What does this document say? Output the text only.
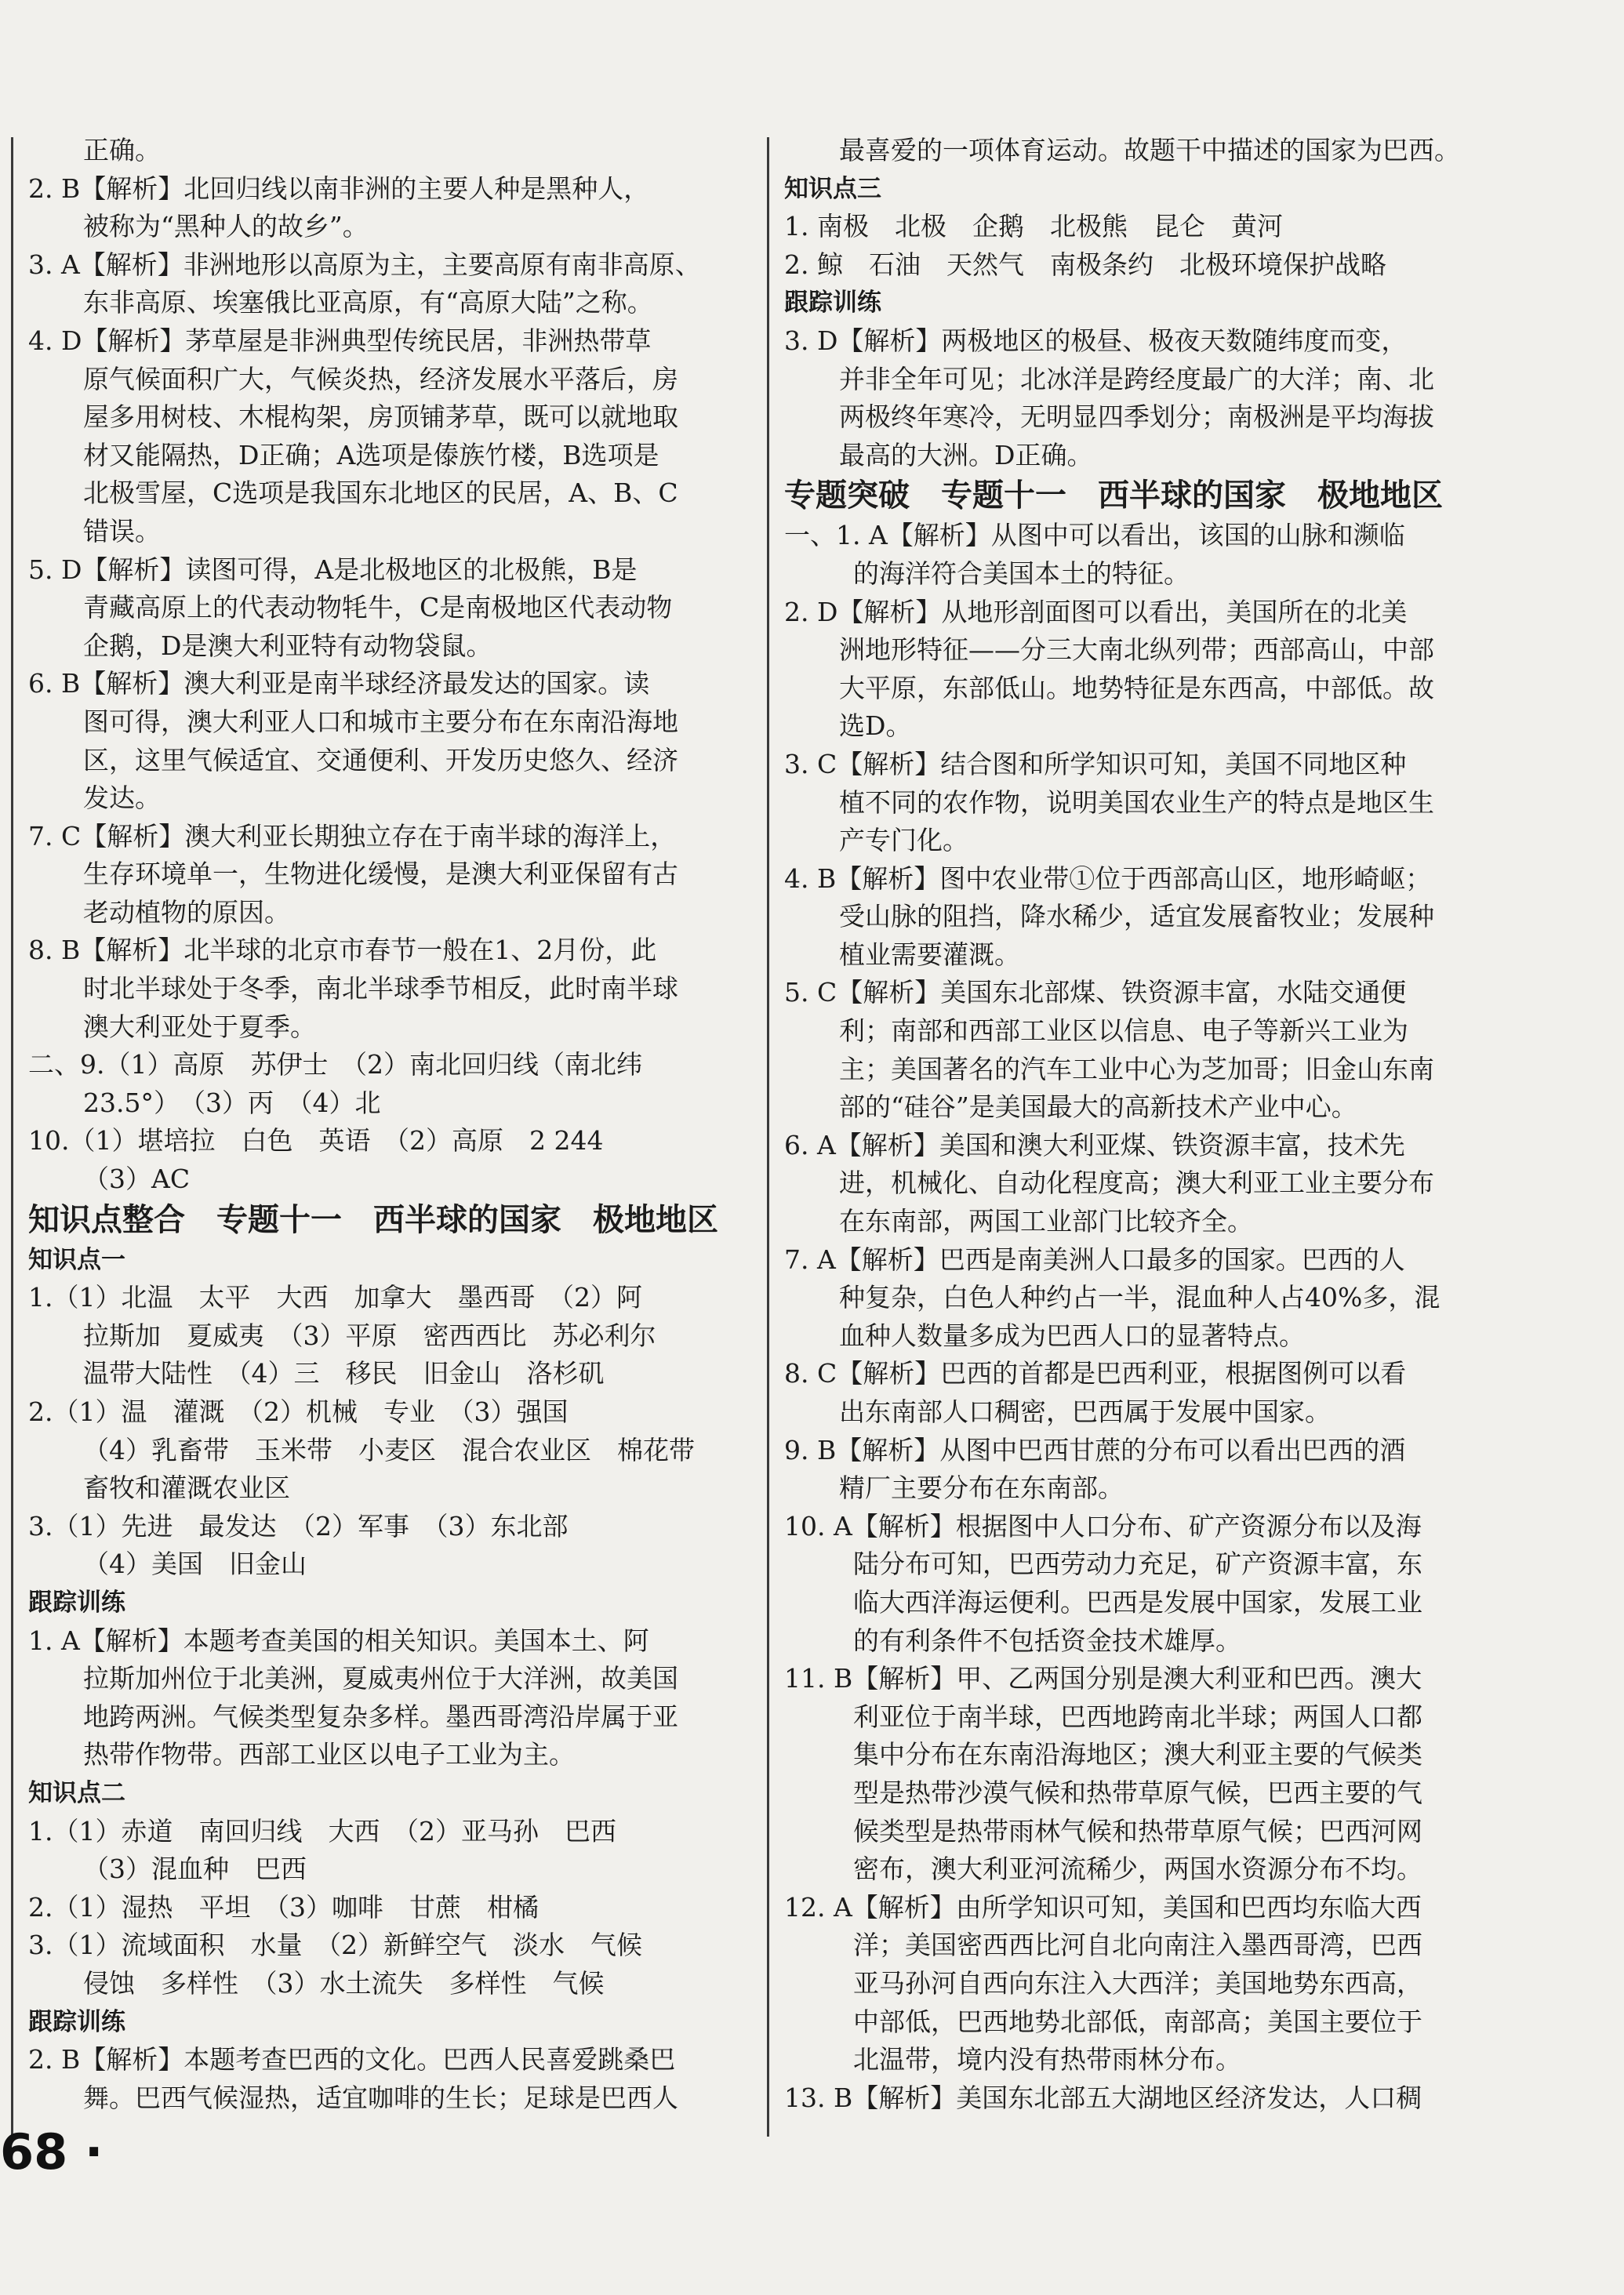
正确。
2. B【解析】北回归线以南非洲的主要人种是黑种人，
被称为“黑种人的故乡”。
3. A【解析】非洲地形以高原为主，主要高原有南非高原、
东非高原、埃塞俄比亚高原，有“高原大陆”之称。
4. D【解析】茅草屋是非洲典型传统民居，非洲热带草
原气候面积广大，气候炎热，经济发展水平落后，房
屋多用树枝、木棍构架，房顶铺茅草，既可以就地取
材又能隔热，D正确；A选项是傣族竹楼，B选项是
北极雪屋，C选项是我国东北地区的民居，A、B、C
错误。
5. D【解析】读图可得，A是北极地区的北极熊，B是
青藏高原上的代表动物牦牛，C是南极地区代表动物
企鹅，D是澳大利亚特有动物袋鼠。
6. B【解析】澳大利亚是南半球经济最发达的国家。读
图可得，澳大利亚人口和城市主要分布在东南沿海地
区，这里气候适宜、交通便利、开发历史悠久、经济
发达。
7. C【解析】澳大利亚长期独立存在于南半球的海洋上，
生存环境单一，生物进化缓慢，是澳大利亚保留有古
老动植物的原因。
8. B【解析】北半球的北京市春节一般在1、2月份，此
时北半球处于冬季，南北半球季节相反，此时南半球
澳大利亚处于夏季。
二、9.（1）高原　苏伊士　（2）南北回归线（南北纬
23.5°）　（3）丙　（4）北
10.（1）堪培拉　白色　英语　（2）高原　2 244
（3）AC
知识点整合　专题十一　西半球的国家　极地地区
知识点一
1.（1）北温　太平　大西　加拿大　墨西哥　（2）阿
拉斯加　夏威夷　（3）平原　密西西比　苏必利尔
温带大陆性　（4）三　移民　旧金山　洛杉矶
2.（1）温　灌溉　（2）机械　专业　（3）强国
（4）乳畜带　玉米带　小麦区　混合农业区　棉花带
畜牧和灌溉农业区
3.（1）先进　最发达　（2）军事　（3）东北部
（4）美国　旧金山
跟踪训练
1. A【解析】本题考查美国的相关知识。美国本土、阿
拉斯加州位于北美洲，夏威夷州位于大洋洲，故美国
地跨两洲。气候类型复杂多样。墨西哥湾沿岸属于亚
热带作物带。西部工业区以电子工业为主。
知识点二
1.（1）赤道　南回归线　大西　（2）亚马孙　巴西
（3）混血种　巴西
2.（1）湿热　平坦　（3）咖啡　甘蔗　柑橘
3.（1）流域面积　水量　（2）新鲜空气　淡水　气候
侵蚀　多样性　（3）水土流失　多样性　气候
跟踪训练
2. B【解析】本题考查巴西的文化。巴西人民喜爱跳桑巴
舞。巴西气候湿热，适宜咖啡的生长；足球是巴西人
最喜爱的一项体育运动。故题干中描述的国家为巴西。
知识点三
1. 南极　北极　企鹅　北极熊　昆仑　黄河
2. 鲸　石油　天然气　南极条约　北极环境保护战略
跟踪训练
3. D【解析】两极地区的极昼、极夜天数随纬度而变，
并非全年可见；北冰洋是跨经度最广的大洋；南、北
两极终年寒冷，无明显四季划分；南极洲是平均海拔
最高的大洲。D正确。
专题突破　专题十一　西半球的国家　极地地区
一、1. A【解析】从图中可以看出，该国的山脉和濒临
的海洋符合美国本土的特征。
2. D【解析】从地形剖面图可以看出，美国所在的北美
洲地形特征——分三大南北纵列带；西部高山，中部
大平原，东部低山。地势特征是东西高，中部低。故
选D。
3. C【解析】结合图和所学知识可知，美国不同地区种
植不同的农作物，说明美国农业生产的特点是地区生
产专门化。
4. B【解析】图中农业带①位于西部高山区，地形崎岖；
受山脉的阻挡，降水稀少，适宜发展畜牧业；发展种
植业需要灌溉。
5. C【解析】美国东北部煤、铁资源丰富，水陆交通便
利；南部和西部工业区以信息、电子等新兴工业为
主；美国著名的汽车工业中心为芝加哥；旧金山东南
部的“硅谷”是美国最大的高新技术产业中心。
6. A【解析】美国和澳大利亚煤、铁资源丰富，技术先
进，机械化、自动化程度高；澳大利亚工业主要分布
在东南部，两国工业部门比较齐全。
7. A【解析】巴西是南美洲人口最多的国家。巴西的人
种复杂，白色人种约占一半，混血种人占40%多，混
血种人数量多成为巴西人口的显著特点。
8. C【解析】巴西的首都是巴西利亚，根据图例可以看
出东南部人口稠密，巴西属于发展中国家。
9. B【解析】从图中巴西甘蔗的分布可以看出巴西的酒
精厂主要分布在东南部。
10. A【解析】根据图中人口分布、矿产资源分布以及海
陆分布可知，巴西劳动力充足，矿产资源丰富，东
临大西洋海运便利。巴西是发展中国家，发展工业
的有利条件不包括资金技术雄厚。
11. B【解析】甲、乙两国分别是澳大利亚和巴西。澳大
利亚位于南半球，巴西地跨南北半球；两国人口都
集中分布在东南沿海地区；澳大利亚主要的气候类
型是热带沙漠气候和热带草原气候，巴西主要的气
候类型是热带雨林气候和热带草原气候；巴西河网
密布，澳大利亚河流稀少，两国水资源分布不均。
12. A【解析】由所学知识可知，美国和巴西均东临大西
洋；美国密西西比河自北向南注入墨西哥湾，巴西
亚马孙河自西向东注入大西洋；美国地势东西高，
中部低，巴西地势北部低，南部高；美国主要位于
北温带，境内没有热带雨林分布。
13. B【解析】美国东北部五大湖地区经济发达，人口稠
68 ·
